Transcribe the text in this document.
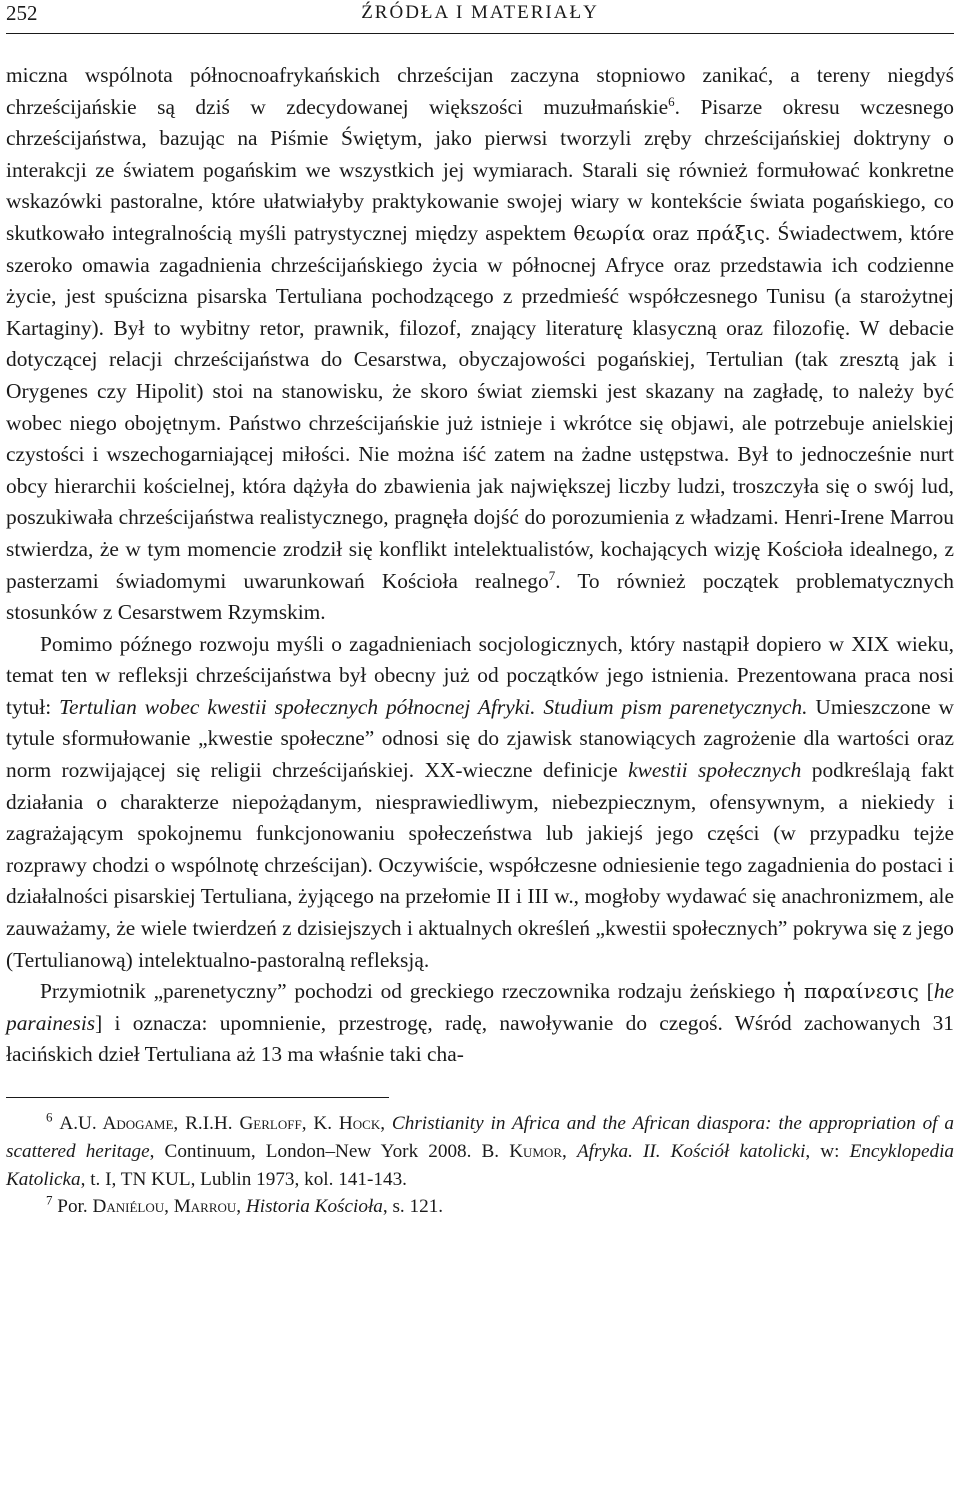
252	ŹRÓDŁA I MATERIAŁY

miczna wspólnota północnoafrykańskich chrześcijan zaczyna stopniowo zanikać, a tereny niegdyś chrześcijańskie są dziś w zdecydowanej większości muzułmańskie$^6$. Pisarze okresu wczesnego chrześcijaństwa, bazując na Piśmie Świętym, jako pierwsi tworzyli zręby chrześcijańskiej doktryny o interakcji ze światem pogańskim we wszystkich jej wymiarach. Starali się również formułować konkretne wskazówki pastoralne, które ułatwiałyby praktykowanie swojej wiary w kontekście świata pogańskiego, co skutkowało integralnością myśli patrystycznej między aspektem θεωρία oraz πράξις. Świadectwem, które szeroko omawia zagadnienia chrześcijańskiego życia w północnej Afryce oraz przedstawia ich codzienne życie, jest spuścizna pisarska Tertuliana pochodzącego z przedmieść współczesnego Tunisu (a starożytnej Kartaginy). Był to wybitny retor, prawnik, filozof, znający literaturę klasyczną oraz filozofię. W debacie dotyczącej relacji chrześcijaństwa do Cesarstwa, obyczajowości pogańskiej, Tertulian (tak zresztą jak i Orygenes czy Hipolit) stoi na stanowisku, że skoro świat ziemski jest skazany na zagładę, to należy być wobec niego obojętnym. Państwo chrześcijańskie już istnieje i wkrótce się objawi, ale potrzebuje anielskiej czystości i wszechogarniającej miłości. Nie można iść zatem na żadne ustępstwa. Był to jednocześnie nurt obcy hierarchii kościelnej, która dążyła do zbawienia jak największej liczby ludzi, troszczyła się o swój lud, poszukiwała chrześcijaństwa realistycznego, pragnęła dojść do porozumienia z władzami. Henri-Irene Marrou stwierdza, że w tym momencie zrodził się konflikt intelektualistów, kochających wizję Kościoła idealnego, z pasterzami świadomymi uwarunkowań Kościoła realnego$^7$. To również początek problematycznych stosunków z Cesarstwem Rzymskim.

Pomimo późnego rozwoju myśli o zagadnieniach socjologicznych, który nastąpił dopiero w XIX wieku, temat ten w refleksji chrześcijaństwa był obecny już od początków jego istnienia. Prezentowana praca nosi tytuł: Tertulian wobec kwestii społecznych północnej Afryki. Studium pism parenetycznych. Umieszczone w tytule sformułowanie „kwestie społeczne” odnosi się do zjawisk stanowiących zagrożenie dla wartości oraz norm rozwijającej się religii chrześcijańskiej. XX-wieczne definicje kwestii społecznych podkreślają fakt działania o charakterze niepożądanym, niesprawiedliwym, niebezpiecznym, ofensywnym, a niekiedy i zagrażającym spokojnemu funkcjonowaniu społeczeństwa lub jakiejś jego części (w przypadku tejże rozprawy chodzi o wspólnotę chrześcijan). Oczywiście, współczesne odniesienie tego zagadnienia do postaci i działalności pisarskiej Tertuliana, żyjącego na przełomie II i III w., mogłoby wydawać się anachronizmem, ale zauważamy, że wiele twierdzeń z dzisiejszych i aktualnych określeń „kwestii społecznych” pokrywa się z jego (Tertulianową) intelektualno-pastoralną refleksją.

Przymiotnik „parenetyczny” pochodzi od greckiego rzeczownika rodzaju żeńskiego ἡ παραίνεσις [he parainesis] i oznacza: upomnienie, przestrogę, radę, nawoływanie do czegoś. Wśród zachowanych 31 łacińskich dzieł Tertuliana aż 13 ma właśnie taki cha-

$^6$ A.U. Adogame, R.I.H. Gerloff, K. Hock, Christianity in Africa and the African diaspora: the appropriation of a scattered heritage, Continuum, London–New York 2008. B. Kumor, Afryka. II. Kościół katolicki, w: Encyklopedia Katolicka, t. I, TN KUL, Lublin 1973, kol. 141-143.

$^7$ Por. Daniélou, Marrou, Historia Kościoła, s. 121.
